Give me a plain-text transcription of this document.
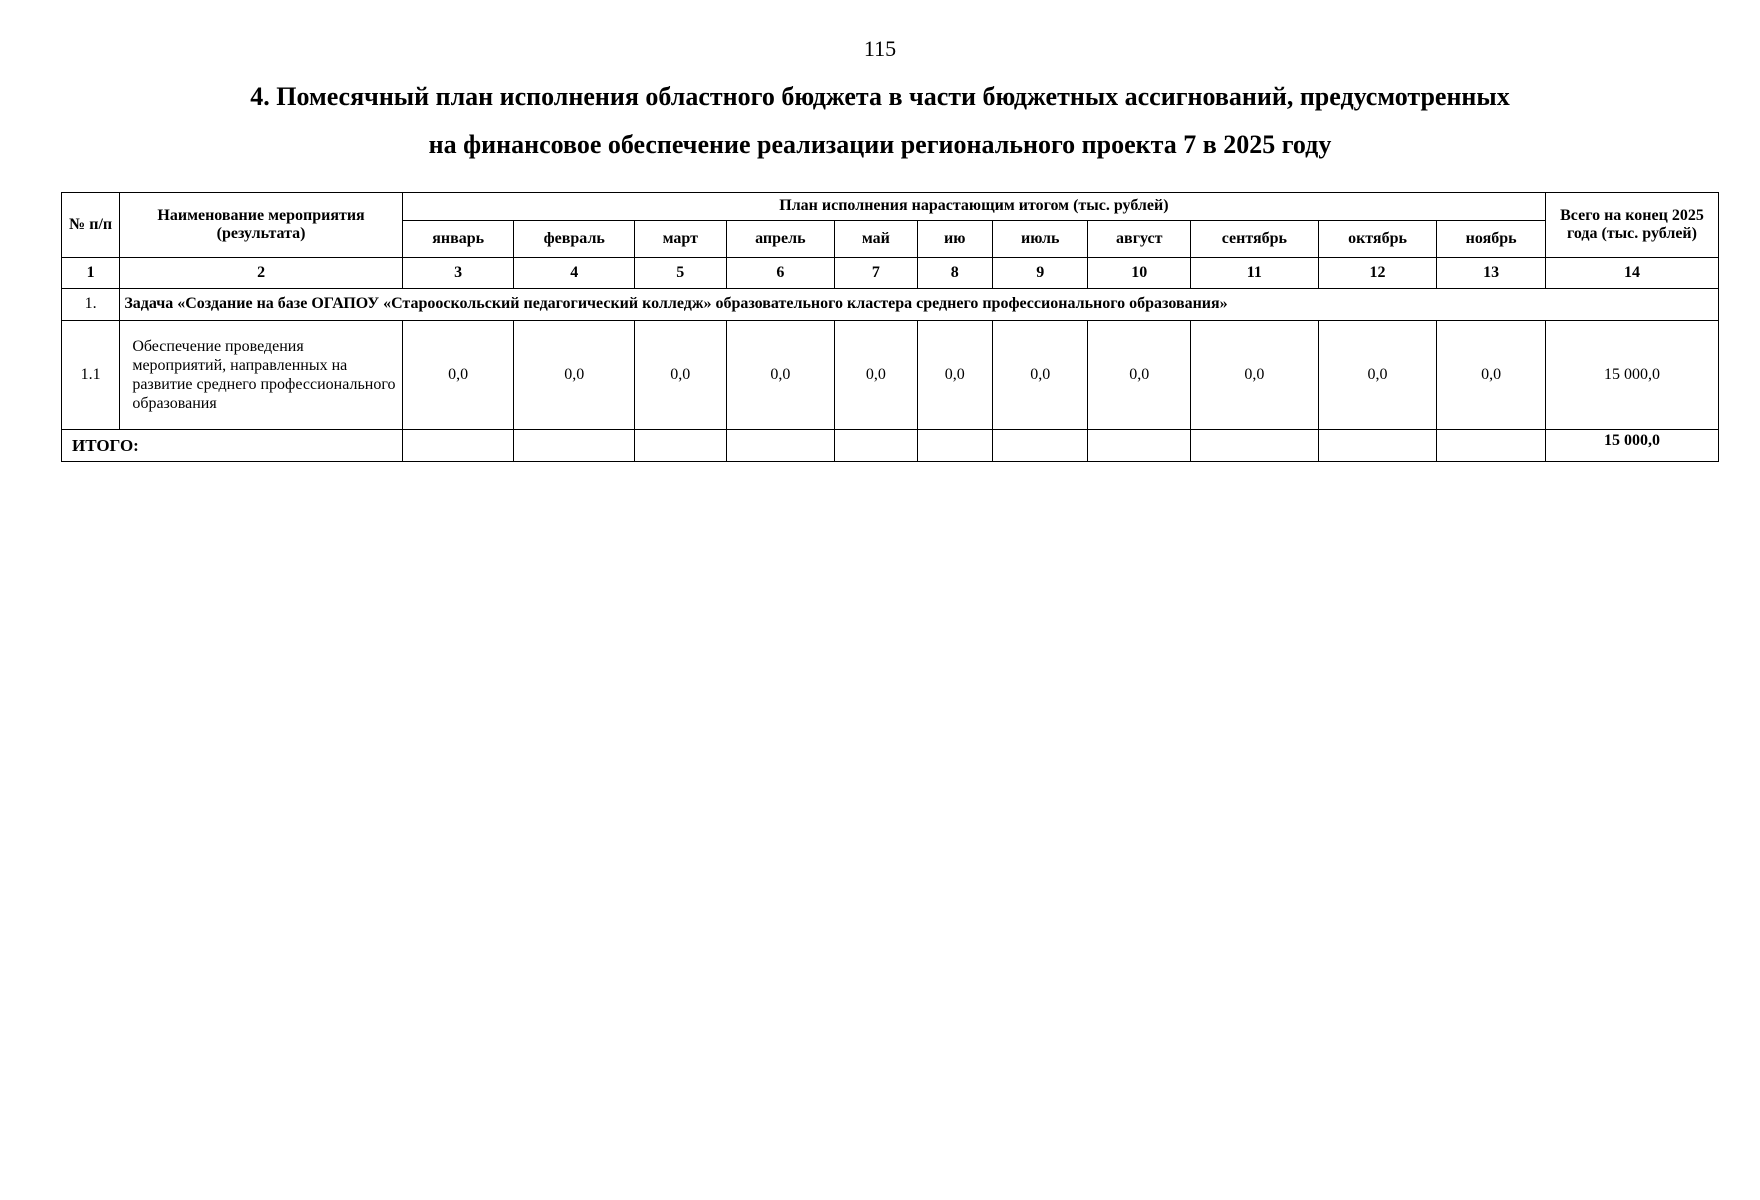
115
4. Помесячный план исполнения областного бюджета в части бюджетных ассигнований, предусмотренных
на финансовое обеспечение реализации регионального проекта 7 в 2025 году
№ п/п	Наименование мероприятия (результата)	План исполнения нарастающим итогом (тыс. рублей)											Всего на конец 2025 года (тыс. рублей)
		январь	февраль	март	апрель	май	ию	июль	август	сентябрь	октябрь	ноябрь	
1	2	3	4	5	6	7	8	9	10	11	12	13	14
1.	Задача «Создание на базе ОГАПОУ «Старооскольский педагогический колледж» образовательного кластера среднего профессионального образования»												
1.1	Обеспечение проведения мероприятий, направленных на развитие среднего профессионального образования	0,0	0,0	0,0	0,0	0,0	0,0	0,0	0,0	0,0	0,0	0,0	15 000,0
ИТОГО:													15 000,0
